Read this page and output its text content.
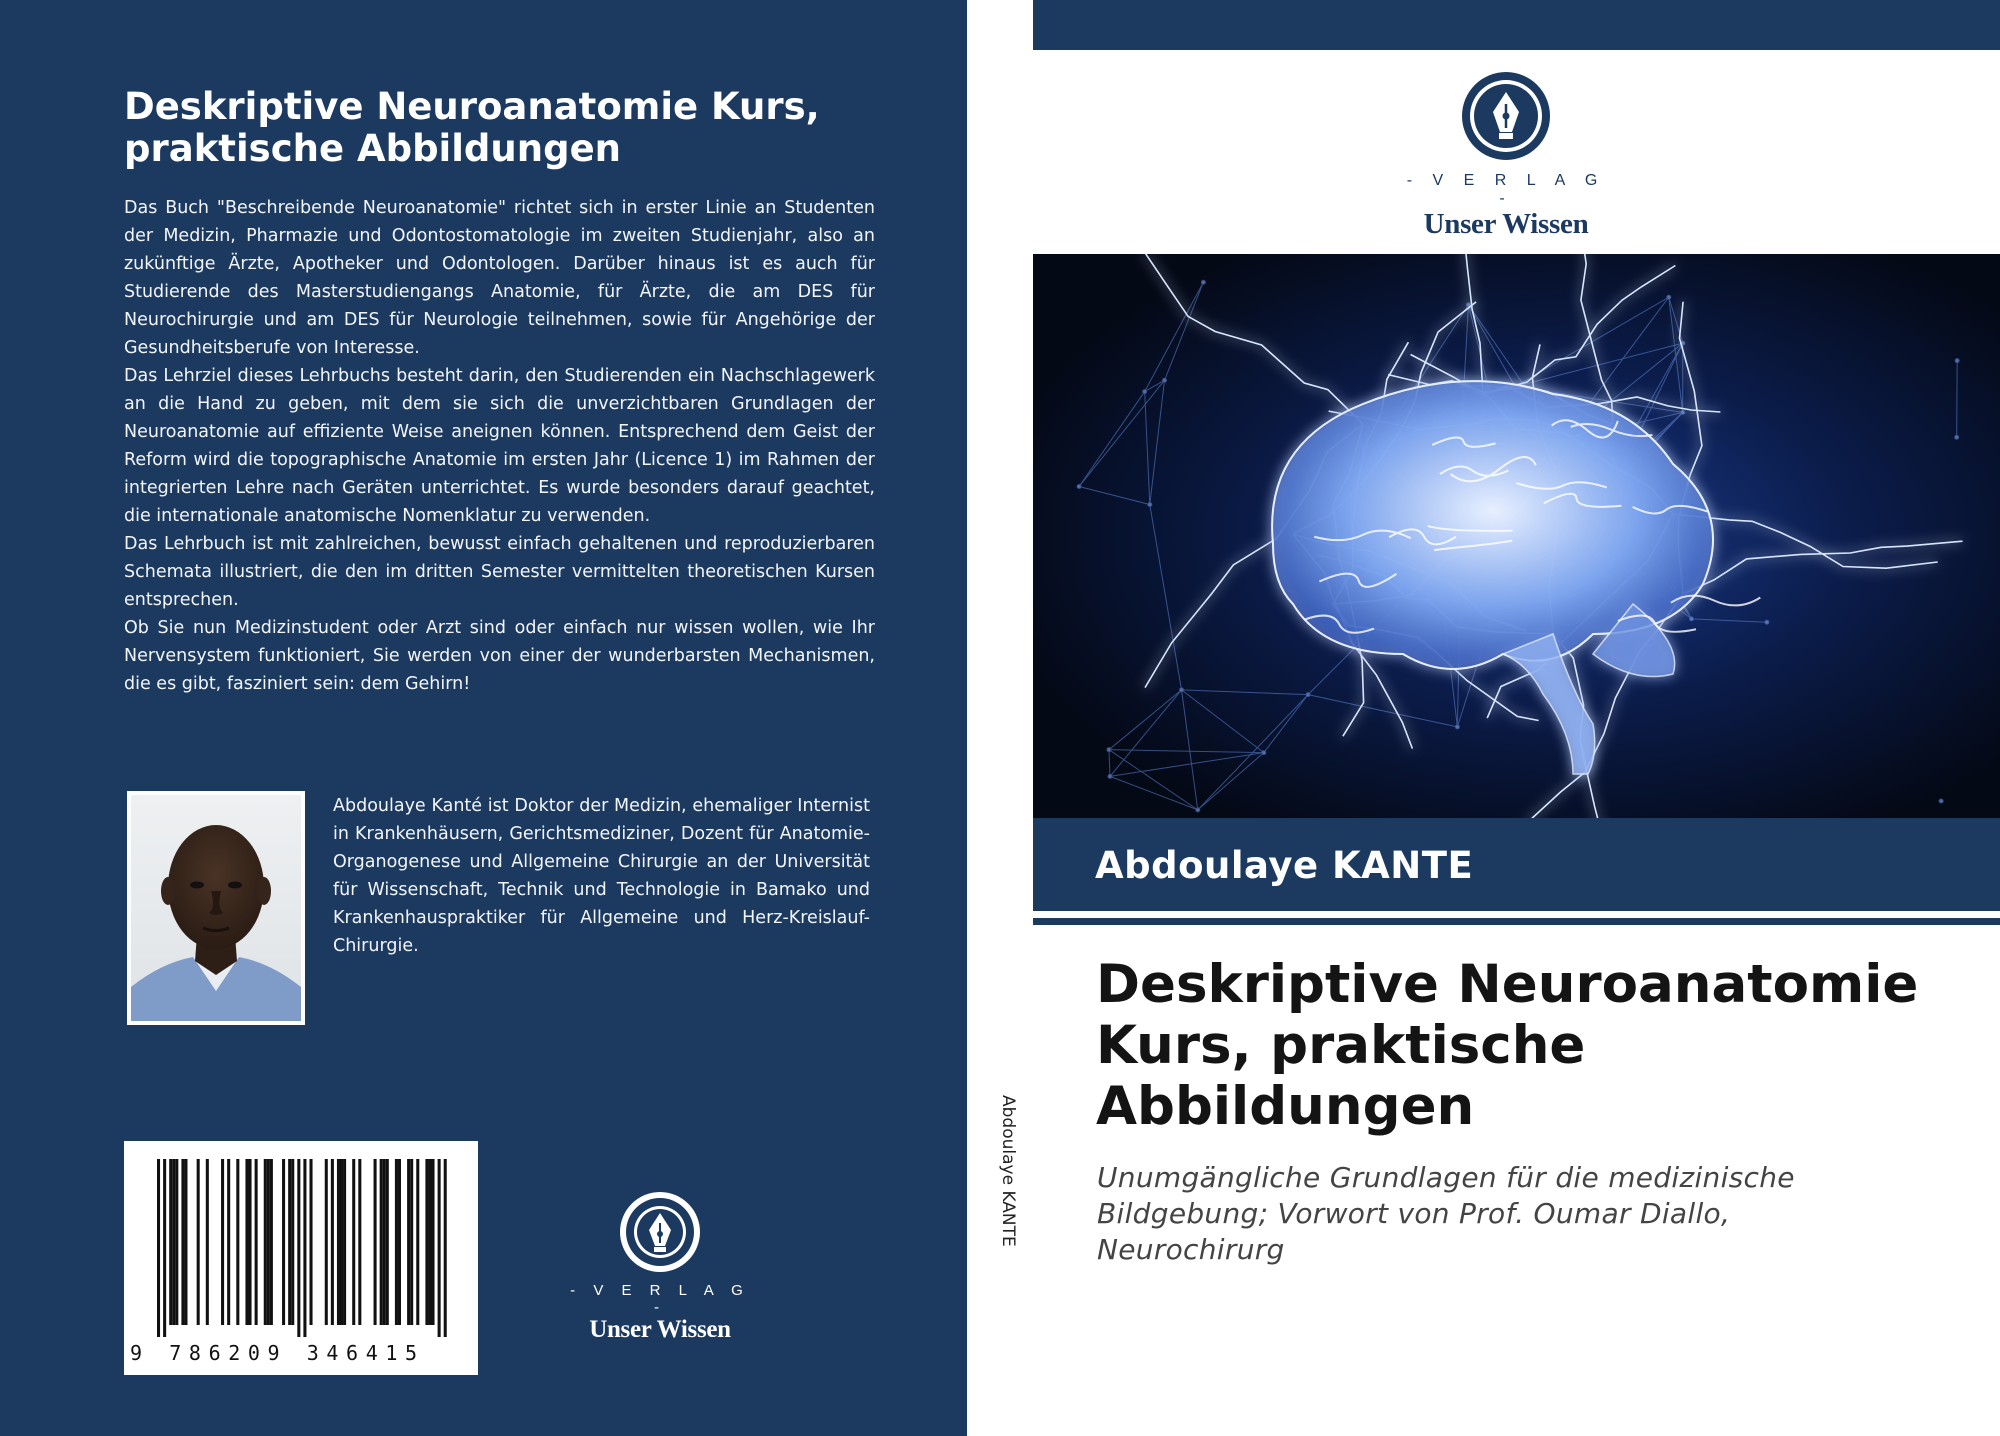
Deskriptive Neuroanatomie Kurs, praktische Abbildungen

Das Buch "Beschreibende Neuroanatomie" richtet sich in erster Linie an Studenten der Medizin, Pharmazie und Odontostomatologie im zweiten Studienjahr, also an zukünftige Ärzte, Apotheker und Odontologen. Darüber hinaus ist es auch für Studierende des Masterstudiengangs Anatomie, für Ärzte, die am DES für Neurochirurgie und am DES für Neurologie teilnehmen, sowie für Angehörige der Gesundheitsberufe von Interesse.

Das Lehrziel dieses Lehrbuchs besteht darin, den Studierenden ein Nachschlagewerk an die Hand zu geben, mit dem sie sich die unverzichtbaren Grundlagen der Neuroanatomie auf effiziente Weise aneignen können. Entsprechend dem Geist der Reform wird die topographische Anatomie im ersten Jahr (Licence 1) im Rahmen der integrierten Lehre nach Geräten unterrichtet. Es wurde besonders darauf geachtet, die internationale anatomische Nomenklatur zu verwenden.

Das Lehrbuch ist mit zahlreichen, bewusst einfach gehaltenen und reproduzierbaren Schemata illustriert, die den im dritten Semester vermittelten theoretischen Kursen entsprechen.

Ob Sie nun Medizinstudent oder Arzt sind oder einfach nur wissen wollen, wie Ihr Nervensystem funktioniert, Sie werden von einer der wunderbarsten Mechanismen, die es gibt, fasziniert sein: dem Gehirn!

Abdoulaye Kanté ist Doktor der Medizin, ehemaliger Internist in Krankenhäusern, Gerichtsmediziner, Dozent für Anatomie-Organogenese und Allgemeine Chirurgie an der Universität für Wissenschaft, Technik und Technologie in Bamako und Krankenhauspraktiker für Allgemeine und Herz-Kreislauf-Chirurgie.

9 786209 346415
- V E R L A G -
Unser Wissen
Abdoulaye KANTE
- V E R L A G -
Unser Wissen
Abdoulaye KANTE
Deskriptive Neuroanatomie Kurs, praktische Abbildungen

Unumgängliche Grundlagen für die medizinische Bildgebung; Vorwort von Prof. Oumar Diallo, Neurochirurg
